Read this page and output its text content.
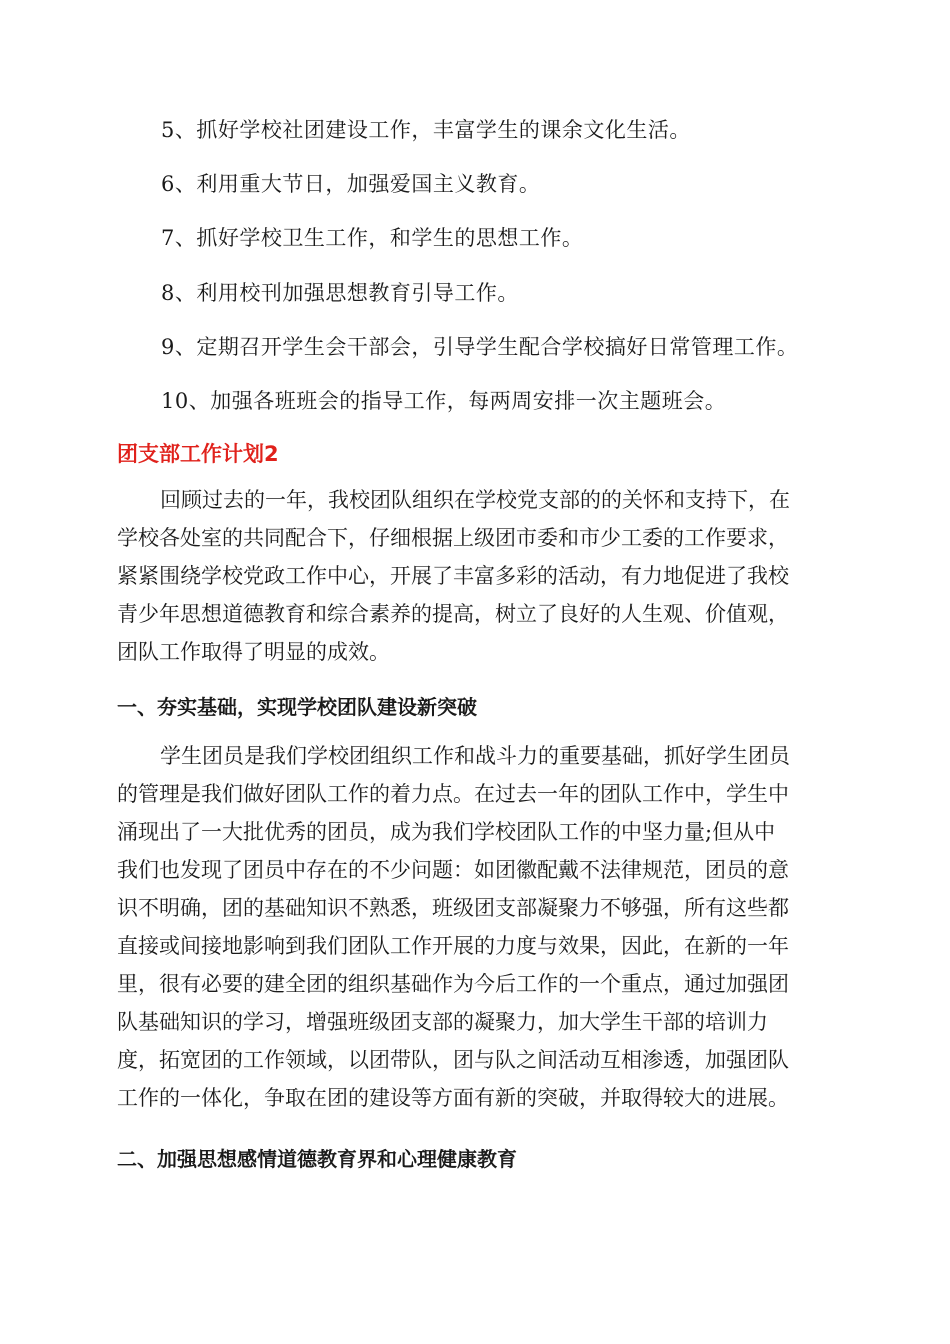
5、抓好学校社团建设工作，丰富学生的课余文化生活。
6、利用重大节日，加强爱国主义教育。
7、抓好学校卫生工作，和学生的思想工作。
8、利用校刊加强思想教育引导工作。
9、定期召开学生会干部会，引导学生配合学校搞好日常管理工作。
10、加强各班班会的指导工作，每两周安排一次主题班会。
团支部工作计划2
回顾过去的一年，我校团队组织在学校党支部的的关怀和支持下，在
学校各处室的共同配合下，仔细根据上级团市委和市少工委的工作要求，
紧紧围绕学校党政工作中心，开展了丰富多彩的活动，有力地促进了我校
青少年思想道德教育和综合素养的提高，树立了良好的人生观、价值观，
团队工作取得了明显的成效。
一、夯实基础，实现学校团队建设新突破
学生团员是我们学校团组织工作和战斗力的重要基础，抓好学生团员
的管理是我们做好团队工作的着力点。在过去一年的团队工作中，学生中
涌现出了一大批优秀的团员，成为我们学校团队工作的中坚力量;但从中
我们也发现了团员中存在的不少问题：如团徽配戴不法律规范，团员的意
识不明确，团的基础知识不熟悉，班级团支部凝聚力不够强，所有这些都
直接或间接地影响到我们团队工作开展的力度与效果，因此，在新的一年
里，很有必要的建全团的组织基础作为今后工作的一个重点，通过加强团
队基础知识的学习，增强班级团支部的凝聚力，加大学生干部的培训力
度，拓宽团的工作领域，以团带队，团与队之间活动互相渗透，加强团队
工作的一体化，争取在团的建设等方面有新的突破，并取得较大的进展。
二、加强思想感情道德教育界和心理健康教育
